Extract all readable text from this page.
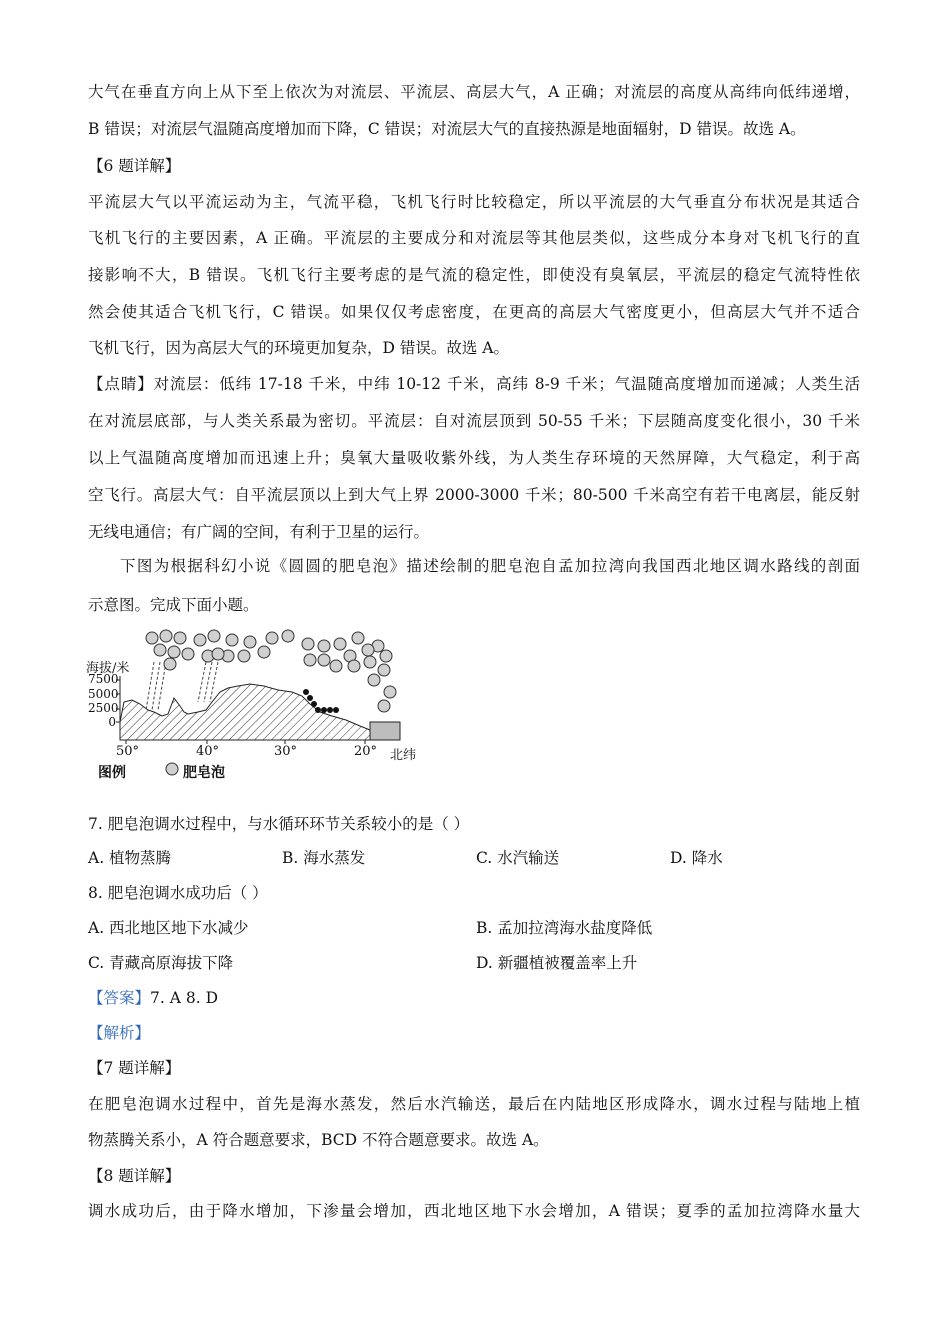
大气在垂直方向上从下至上依次为对流层、平流层、高层大气，A 正确；对流层的高度从高纬向低纬递增，
B 错误；对流层气温随高度增加而下降，C 错误；对流层大气的直接热源是地面辐射，D 错误。故选 A。
【6 题详解】
平流层大气以平流运动为主，气流平稳，飞机飞行时比较稳定，所以平流层的大气垂直分布状况是其适合
飞机飞行的主要因素，A 正确。平流层的主要成分和对流层等其他层类似，这些成分本身对飞机飞行的直
接影响不大，B 错误。飞机飞行主要考虑的是气流的稳定性，即使没有臭氧层，平流层的稳定气流特性依
然会使其适合飞机飞行，C 错误。如果仅仅考虑密度，在更高的高层大气密度更小，但高层大气并不适合
飞机飞行，因为高层大气的环境更加复杂，D 错误。故选 A。
【点睛】对流层：低纬 17-18 千米，中纬 10-12 千米，高纬 8-9 千米；气温随高度增加而递减；人类生活
在对流层底部，与人类关系最为密切。平流层：自对流层顶到 50-55 千米；下层随高度变化很小，30 千米
以上气温随高度增加而迅速上升；臭氧大量吸收紫外线，为人类生存环境的天然屏障，大气稳定，利于高
空飞行。高层大气：自平流层顶以上到大气上界 2000-3000 千米；80-500 千米高空有若干电离层，能反射
无线电通信；有广阔的空间，有利于卫星的运行。
下图为根据科幻小说《圆圆的肥皂泡》描述绘制的肥皂泡自孟加拉湾向我国西北地区调水路线的剖面
示意图。完成下面小题。
海拔/米
7500
5000
2500
0
50°	40°	30°	20° 北纬
图例	肥皂泡
7. 肥皂泡调水过程中，与水循环环节关系较小的是（ ）
A. 植物蒸腾	B. 海水蒸发	C. 水汽输送	D. 降水
8. 肥皂泡调水成功后（ ）
A. 西北地区地下水减少	B. 孟加拉湾海水盐度降低
C. 青藏高原海拔下降	D. 新疆植被覆盖率上升
【答案】7. A 8. D
【解析】
【7 题详解】
在肥皂泡调水过程中，首先是海水蒸发，然后水汽输送，最后在内陆地区形成降水，调水过程与陆地上植
物蒸腾关系小，A 符合题意要求，BCD 不符合题意要求。故选 A。
【8 题详解】
调水成功后，由于降水增加，下渗量会增加，西北地区地下水会增加，A 错误；夏季的孟加拉湾降水量大
